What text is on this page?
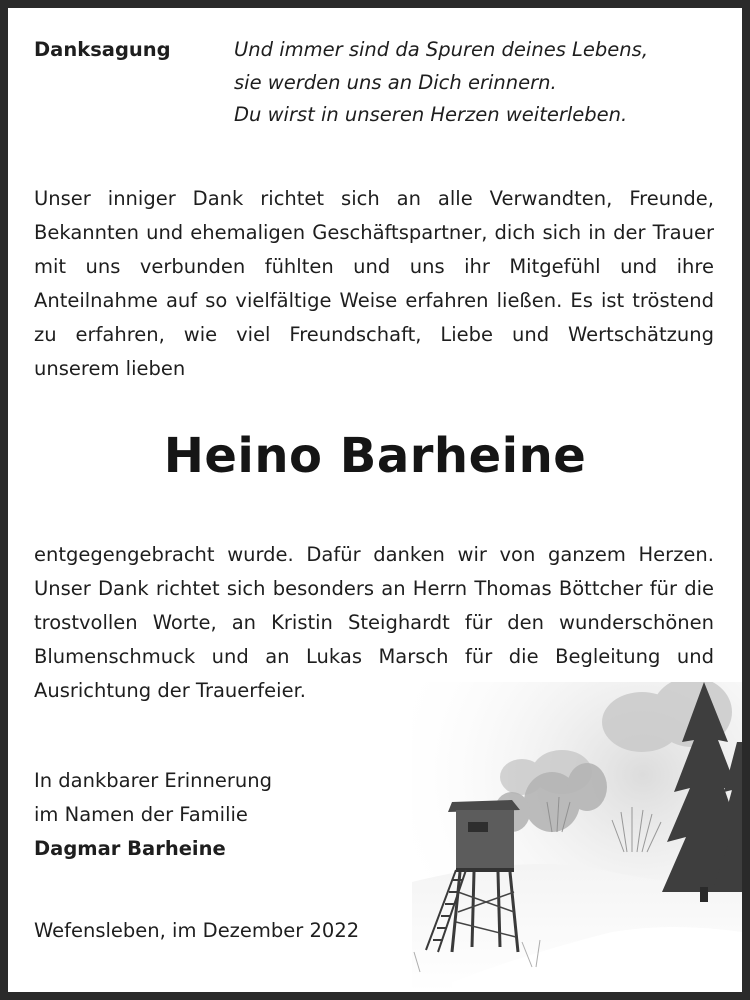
Danksagung	Und immer sind da Spuren deines Lebens,
sie werden uns an Dich erinnern.
Du wirst in unseren Herzen weiterleben.
Unser inniger Dank richtet sich an alle Verwandten, Freunde, Bekannten und ehemaligen Geschäftspartner, dich sich in der Trauer mit uns verbunden fühlten und uns ihr Mitgefühl und ihre Anteilnahme auf so vielfältige Weise erfahren ließen. Es ist tröstend zu erfahren, wie viel Freundschaft, Liebe und Wertschätzung unserem lieben
Heino Barheine
entgegengebracht wurde. Dafür danken wir von ganzem Herzen. Unser Dank richtet sich besonders an Herrn Thomas Böttcher für die trostvollen Worte, an Kristin Steighardt für den wunderschönen Blumenschmuck und an Lukas Marsch für die Begleitung und Ausrichtung der Trauerfeier.
In dankbarer Erinnerung
im Namen der Familie
Dagmar Barheine
Wefensleben, im Dezember 2022
